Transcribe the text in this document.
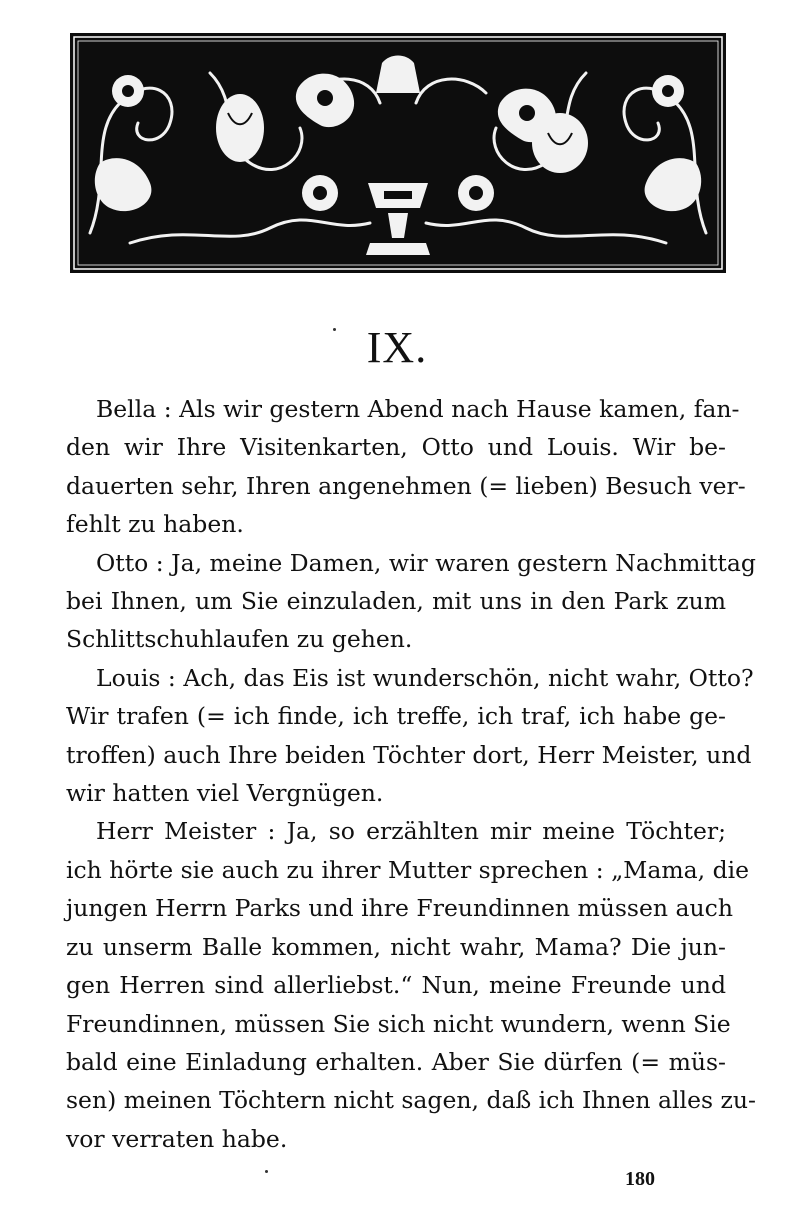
IX.

Bella : Als wir gestern Abend nach Hause kamen, fan-
den wir Ihre Visitenkarten, Otto und Louis. Wir be-
dauerten sehr, Ihren angenehmen (= lieben) Besuch ver-
fehlt zu haben.

Otto : Ja, meine Damen, wir waren gestern Nachmittag
bei Ihnen, um Sie einzuladen, mit uns in den Park zum
Schlittschuhlaufen zu gehen.

Louis : Ach, das Eis ist wunderschön, nicht wahr, Otto?
Wir trafen (= ich finde, ich treffe, ich traf, ich habe ge-
troffen) auch Ihre beiden Töchter dort, Herr Meister, und
wir hatten viel Vergnügen.

Herr Meister : Ja, so erzählten mir meine Töchter;
ich hörte sie auch zu ihrer Mutter sprechen : „Mama, die
jungen Herrn Parks und ihre Freundinnen müssen auch
zu unserm Balle kommen, nicht wahr, Mama? Die jun-
gen Herren sind allerliebst.“ Nun, meine Freunde und
Freundinnen, müssen Sie sich nicht wundern, wenn Sie
bald eine Einladung erhalten. Aber Sie dürfen (= müs-
sen) meinen Töchtern nicht sagen, daß ich Ihnen alles zu-
vor verraten habe.

180
